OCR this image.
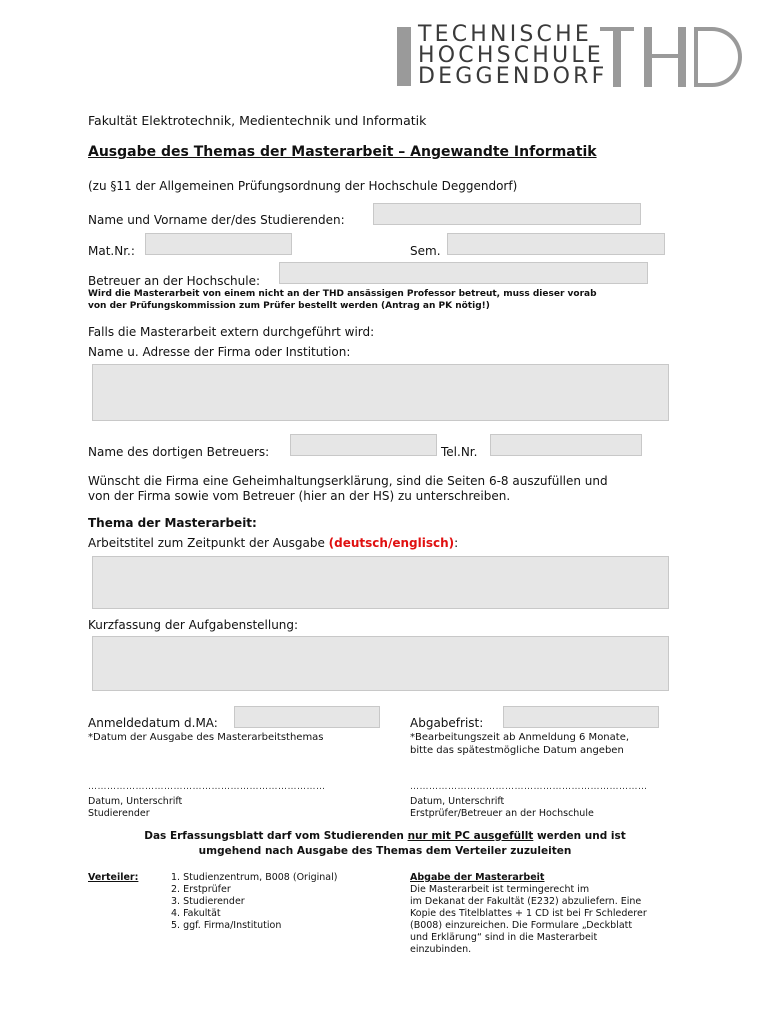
TECHNISCHE
HOCHSCHULE
DEGGENDORF
Fakultät Elektrotechnik, Medientechnik und Informatik
Ausgabe des Themas der Masterarbeit – Angewandte Informatik
(zu §11 der Allgemeinen Prüfungsordnung der Hochschule Deggendorf)
Name und Vorname der/des Studierenden:
Mat.Nr.:	Sem.
Betreuer an der Hochschule:
Wird die Masterarbeit von einem nicht an der THD ansässigen Professor betreut, muss dieser vorab
von der Prüfungskommission zum Prüfer bestellt werden (Antrag an PK nötig!)
Falls die Masterarbeit extern durchgeführt wird:
Name u. Adresse der Firma oder Institution:
Name des dortigen Betreuers:	Tel.Nr.
Wünscht die Firma eine Geheimhaltungserklärung, sind die Seiten 6-8 auszufüllen und
von der Firma sowie vom Betreuer (hier an der HS) zu unterschreiben.
Thema der Masterarbeit:
Arbeitstitel zum Zeitpunkt der Ausgabe (deutsch/englisch):
Kurzfassung der Aufgabenstellung:
Anmeldedatum d.MA:
*Datum der Ausgabe des Masterarbeitsthemas
Abgabefrist:
*Bearbeitungszeit ab Anmeldung 6 Monate,
bitte das spätestmögliche Datum angeben
…………………………………………………………………
Datum, Unterschrift
Studierender
…………………………………………………………………
Datum, Unterschrift
Erstprüfer/Betreuer an der Hochschule
Das Erfassungsblatt darf vom Studierenden nur mit PC ausgefüllt werden und ist
umgehend nach Ausgabe des Themas dem Verteiler zuzuleiten
Verteiler:	1. Studienzentrum, B008 (Original)
2. Erstprüfer
3. Studierender
4. Fakultät
5. ggf. Firma/Institution
Abgabe der Masterarbeit
Die Masterarbeit ist termingerecht im
im Dekanat der Fakultät (E232) abzuliefern. Eine
Kopie des Titelblattes + 1 CD ist bei Fr Schlederer
(B008) einzureichen. Die Formulare „Deckblatt
und Erklärung“ sind in die Masterarbeit
einzubinden.
